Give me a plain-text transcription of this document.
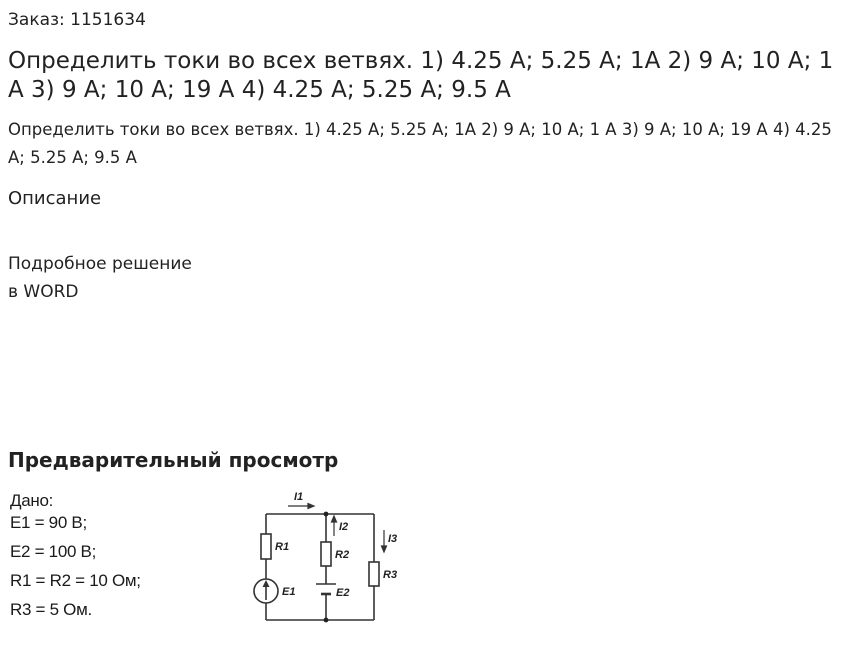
Заказ: 1151634
Определить токи во всех ветвях. 1) 4.25 А; 5.25 А; 1А 2) 9 А; 10 А; 1 А 3) 9 А; 10 А; 19 А 4) 4.25 А; 5.25 А; 9.5 А
Определить токи во всех ветвях. 1) 4.25 А; 5.25 А; 1А 2) 9 А; 10 А; 1 А 3) 9 А; 10 А; 19 А 4) 4.25 А; 5.25 А; 9.5 А
Описание
Подробное решение
в WORD
Предварительный просмотр
Дано:
E1 = 90 В;
E2 = 100 В;
R1 = R2 = 10 Ом;
R3 = 5 Ом.
I1
I2
I3
R1
R2
R3
E1	E2
